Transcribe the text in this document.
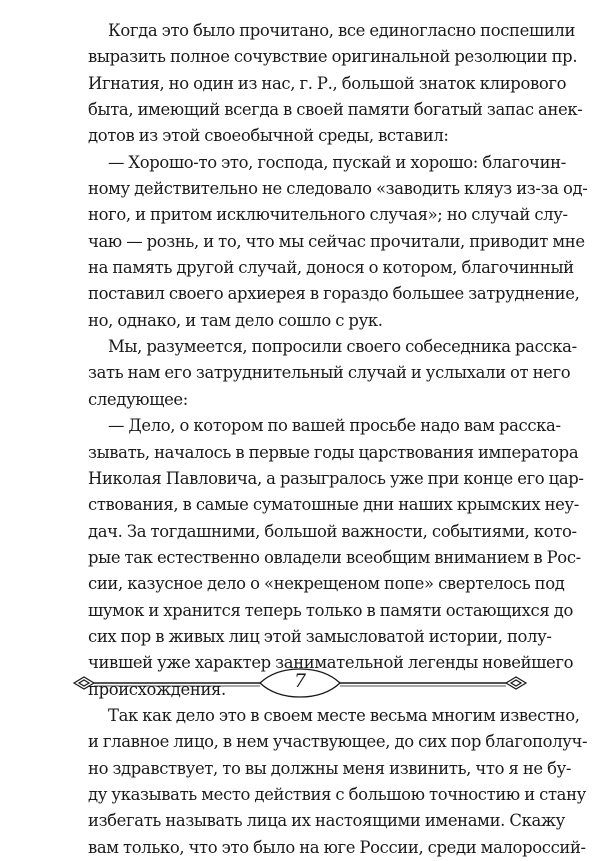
Когда это было прочитано, все единогласно поспешили
выразить полное сочувствие оригинальной резолюции пр.
Игнатия, но один из нас, г. Р., большой знаток клирового
быта, имеющий всегда в своей памяти богатый запас анек-
дотов из этой своеобычной среды, вставил:
— Хорошо-то это, господа, пускай и хорошо: благочин-
ному действительно не следовало «заводить кляуз из-за од-
ного, и притом исключительного случая»; но случай слу-
чаю — рознь, и то, что мы сейчас прочитали, приводит мне
на память другой случай, донося о котором, благочинный
поставил своего архиерея в гораздо большее затруднение,
но, однако, и там дело сошло с рук.
Мы, разумеется, попросили своего собеседника расска-
зать нам его затруднительный случай и услыхали от него
следующее:
— Дело, о котором по вашей просьбе надо вам расска-
зывать, началось в первые годы царствования императора
Николая Павловича, а разыгралось уже при конце его цар-
ствования, в самые суматошные дни наших крымских неу-
дач. За тогдашними, большой важности, событиями, кото-
рые так естественно овладели всеобщим вниманием в Рос-
сии, казусное дело о «некрещеном попе» свертелось под
шумок и хранится теперь только в памяти остающихся до
сих пор в живых лиц этой замысловатой истории, полу-
чившей уже характер занимательной легенды новейшего
происхождения.
Так как дело это в своем месте весьма многим известно,
и главное лицо, в нем участвующее, до сих пор благополуч-
но здравствует, то вы должны меня извинить, что я не бу-
ду указывать место действия с большою точностию и стану
избегать называть лица их настоящими именами. Скажу
вам только, что это было на юге России, среди малороссий-
7
